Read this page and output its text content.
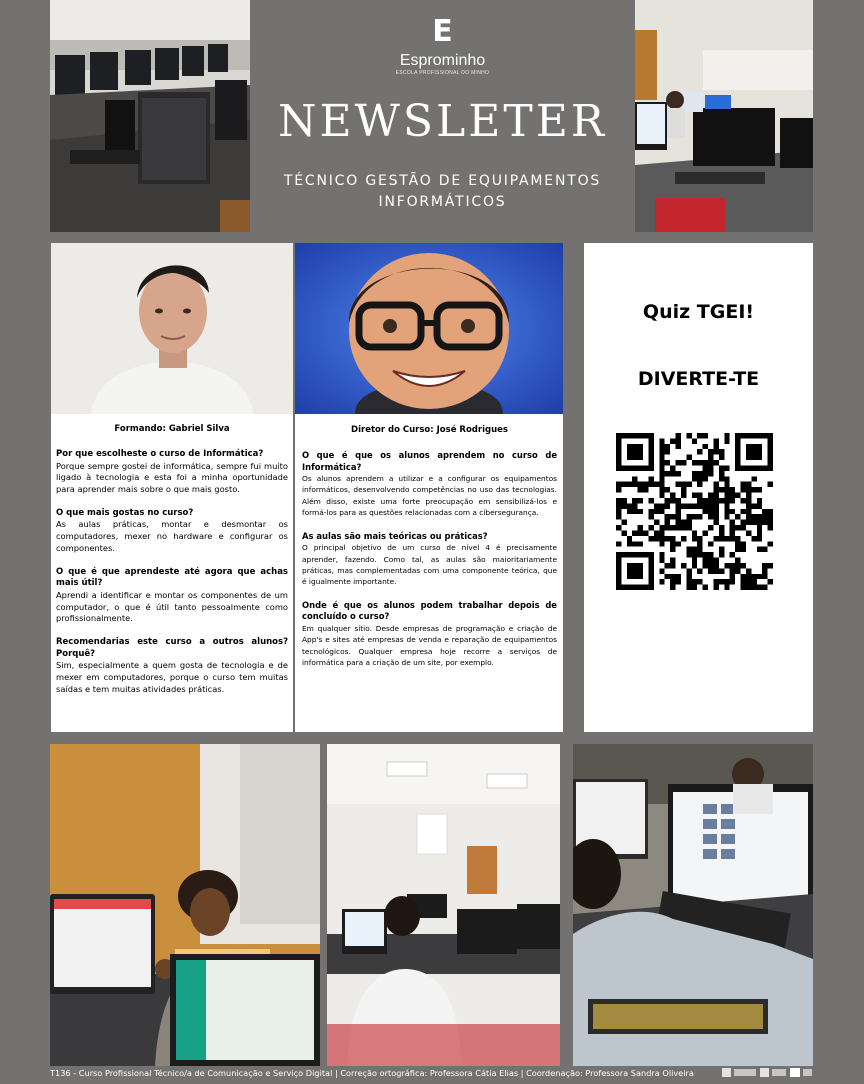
E
Esprominho
ESCOLA PROFISSIONAL DO MINHO
NEWSLETER
TÉCNICO GESTÃO DE EQUIPAMENTOS
INFORMÁTICOS
Formando: Gabriel Silva
Por que escolheste o curso de Informática?
Porque sempre gostei de informática, sempre fui muito ligado à tecnologia e esta foi a minha oportunidade para aprender mais sobre o que mais gosto.
O que mais gostas no curso?
As aulas práticas, montar e desmontar os computadores, mexer no hardware e configurar os componentes.
O que é que aprendeste até agora que achas mais útil?
Aprendi a identificar e montar os componentes de um computador, o que é útil tanto pessoalmente como profissionalmente.
Recomendarias este curso a outros alunos? Porquê?
Sim, especialmente a quem gosta de tecnologia e de mexer em computadores, porque o curso tem muitas saídas e tem muitas atividades práticas.
Diretor do Curso: José Rodrigues
O que é que os alunos aprendem no curso de Informática?
Os alunos aprendem a utilizar e a configurar os equipamentos informáticos, desenvolvendo competências no uso das tecnologias. Além disso, existe uma forte preocupação em sensibilizá-los e formá-los para as questões relacionadas com a cibersegurança.
As aulas são mais teóricas ou práticas?
O principal objetivo de um curso de nível 4 é precisamente aprender, fazendo. Como tal, as aulas são maioritariamente práticas, mas complementadas com uma componente teórica, que é igualmente importante.
Onde é que os alunos podem trabalhar depois de concluído o curso?
Em qualquer sítio. Desde empresas de programação e criação de App's e sites até empresas de venda e reparação de equipamentos tecnológicos. Qualquer empresa hoje recorre a serviços de informática para a criação de um site, por exemplo.
Quiz TGEI!
DIVERTE-TE
T136 - Curso Profissional Técnico/a de Comunicação e Serviço Digital | Correção ortográfica: Professora Cátia Elias | Coordenação: Professora Sandra Oliveira
